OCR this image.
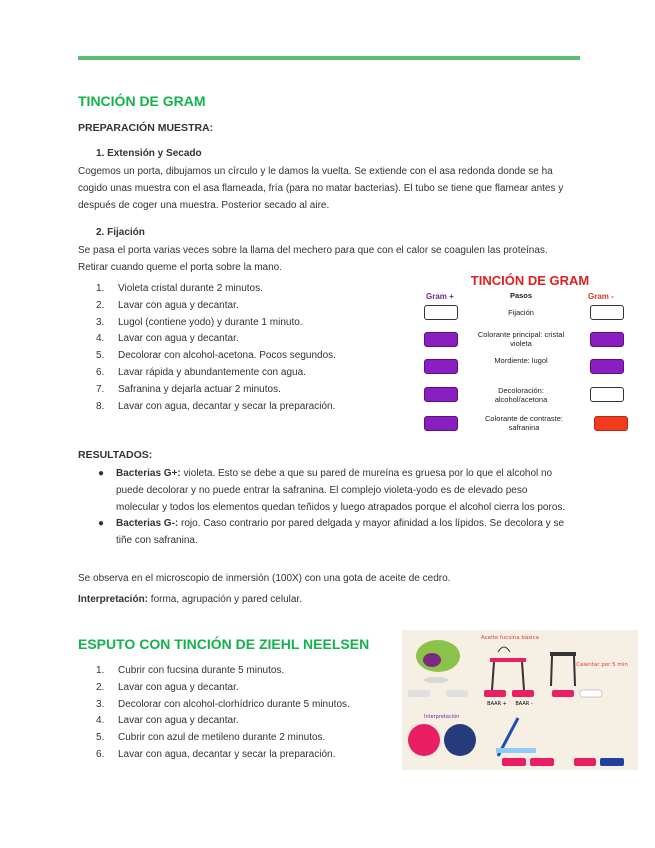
TINCIÓN DE GRAM
PREPARACIÓN MUESTRA:
1. Extensión y Secado
Cogemos un porta, dibujamos un círculo y le damos la vuelta. Se extiende con el asa redonda donde se ha cogido unas muestra con el asa flameada, fría (para no matar bacterias). El tubo se tiene que flamear antes y después de coger una muestra. Posterior secado al aire.
2. Fijación
Se pasa el porta varias veces sobre la llama del mechero para que con el calor se coagulen las proteínas. Retirar cuando queme el porta sobre la mano.
1. Violeta cristal durante 2 minutos.
2. Lavar con agua y decantar.
3. Lugol (contiene yodo) y durante 1 minuto.
4. Lavar con agua y decantar.
5. Decolorar con alcohol-acetona. Pocos segundos.
6. Lavar rápida y abundantemente con agua.
7. Safranina y dejarla actuar 2 minutos.
8. Lavar con agua, decantar y secar la preparación.
TINCIÓN DE GRAM
Gram +	Pasos	Gram -
Fijación
Colorante principal: cristal violeta
Mordiente: lugol
Decoloración: alcohol/acetona
Colorante de contraste: safranina
RESULTADOS:
● Bacterias G+: violeta. Esto se debe a que su pared de mureína es gruesa por lo que el alcohol no puede decolorar y no puede entrar la safranina. El complejo violeta-yodo es de elevado peso molecular y todos los elementos quedan teñidos y luego atrapados porque el alcohol cierra los poros.
● Bacterias G-: rojo. Caso contrario por pared delgada y mayor afinidad a los lípidos. Se decolora y se tiñe con safranina.
Se observa en el microscopio de inmersión (100X) con una gota de aceite de cedro.
Interpretación: forma, agrupación y pared celular.
ESPUTO CON TINCIÓN DE ZIEHL NEELSEN
1. Cubrir con fucsina durante 5 minutos.
2. Lavar con agua y decantar.
3. Decolorar con alcohol-clorhídrico durante 5 minutos.
4. Lavar con agua y decantar.
5. Cubrir con azul de metileno durante 2 minutos.
6. Lavar con agua, decantar y secar la preparación.
Aceite fucsina básica
Calentar por 5 min
BAAR + BAAR -
Interpretación
